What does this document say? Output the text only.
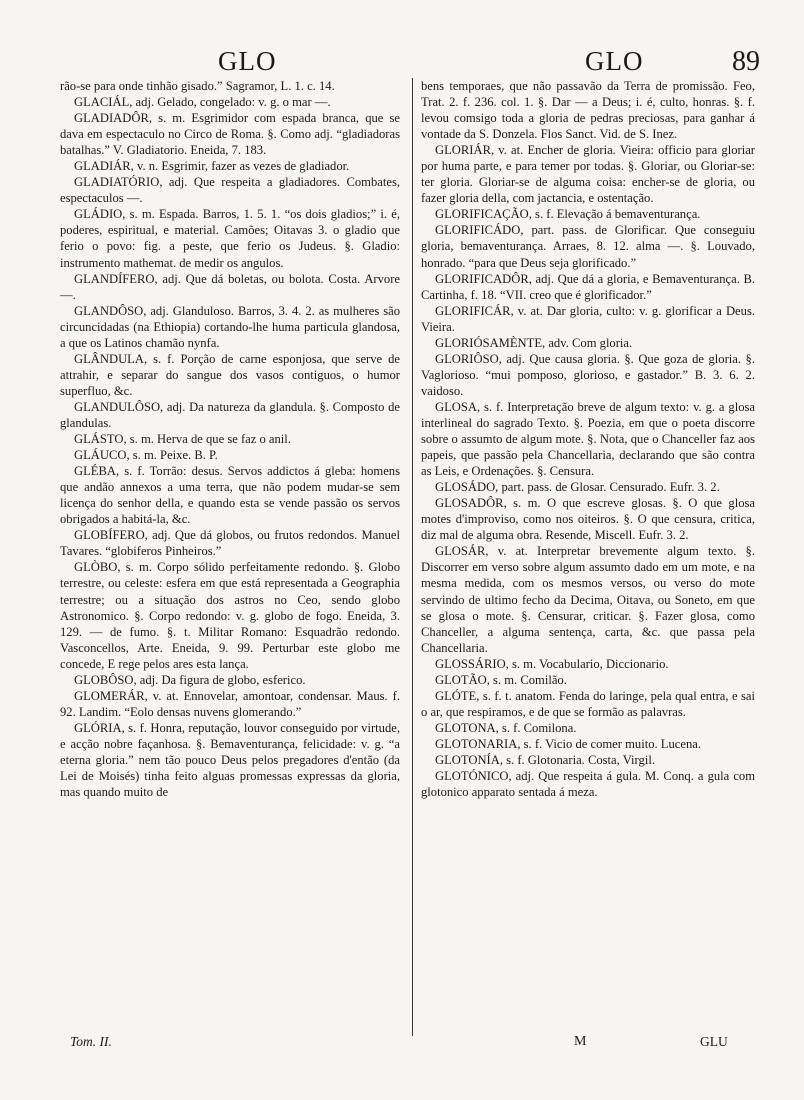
GLO	GLO	89

rão-se para onde tinhão gisado.” Sagramor, L. 1. c. 14.

GLACIÁL, adj. Gelado, congelado: v. g. o mar —.

GLADIADÔR, s. m. Esgrimidor com espada branca, que se dava em espectaculo no Circo de Roma. §. Como adj. “gladiadoras batalhas.” V. Gladiatorio. Eneida, 7. 183.

GLADIÁR, v. n. Esgrimir, fazer as vezes de gladiador.

GLADIATÓRIO, adj. Que respeita a gladiadores. Combates, espectaculos —.

GLÁDIO, s. m. Espada. Barros, 1. 5. 1. “os dois gladios;” i. é, poderes, espiritual, e material. Camões; Oitavas 3. o gladio que ferio o povo: fig. a peste, que ferio os Judeus. §. Gladio: instrumento mathemat. de medir os angulos.

GLANDÍFERO, adj. Que dá boletas, ou bolota. Costa. Arvore —.

GLANDÔSO, adj. Glanduloso. Barros, 3. 4. 2. as mulheres são circuncidadas (na Ethiopia) cortando-lhe huma particula glandosa, a que os Latinos chamão nynfa.

GLÂNDULA, s. f. Porção de carne esponjosa, que serve de attrahir, e separar do sangue dos vasos contiguos, o humor superfluo, &c.

GLANDULÔSO, adj. Da natureza da glandula. §. Composto de glandulas.

GLÁSTO, s. m. Herva de que se faz o anil.

GLÁUCO, s. m. Peixe. B. P.

GLÉBA, s. f. Torrão: desus. Servos addictos á gleba: homens que andão annexos a uma terra, que não podem mudar-se sem licença do senhor della, e quando esta se vende passão os servos obrigados a habitá-la, &c.

GLOBÍFERO, adj. Que dá globos, ou frutos redondos. Manuel Tavares. “globiferos Pinheiros.”

GLÒBO, s. m. Corpo sólido perfeitamente redondo. §. Globo terrestre, ou celeste: esfera em que está representada a Geographia terrestre; ou a situação dos astros no Ceo, sendo globo Astronomico. §. Corpo redondo: v. g. globo de fogo. Eneida, 3. 129. — de fumo. §. t. Militar Romano: Esquadrão redondo. Vasconcellos, Arte. Eneida, 9. 99. Perturbar este globo me concede, E rege pelos ares esta lança.

GLOBÔSO, adj. Da figura de globo, esferico.

GLOMERÁR, v. at. Ennovelar, amontoar, condensar. Maus. f. 92. Landim. “Eolo densas nuvens glomerando.”

GLÓRIA, s. f. Honra, reputação, louvor conseguido por virtude, e acção nobre façanhosa. §. Bemaventurança, felicidade: v. g. “a eterna gloria.” nem tão pouco Deus pelos pregadores d'então (da Lei de Moisés) tinha feito alguas promessas expressas da gloria, mas quando muito de

bens temporaes, que não passavão da Terra de promissão. Feo, Trat. 2. f. 236. col. 1. §. Dar — a Deus; i. é, culto, honras. §. f. levou comsigo toda a gloria de pedras preciosas, para ganhar á vontade da S. Donzela. Flos Sanct. Vid. de S. Inez.

GLORIÁR, v. at. Encher de gloria. Vieira: officio para gloriar por huma parte, e para temer por todas. §. Gloriar, ou Gloriar-se: ter gloria. Gloriar-se de alguma coisa: encher-se de gloria, ou fazer gloria della, com jactancia, e ostentação.

GLORIFICAÇÃO, s. f. Elevação á bemaventurança.

GLORIFICÁDO, part. pass. de Glorificar. Que conseguiu gloria, bemaventurança. Arraes, 8. 12. alma —. §. Louvado, honrado. “para que Deus seja glorificado.”

GLORIFICADÔR, adj. Que dá a gloria, e Bemaventurança. B. Cartinha, f. 18. “VII. creo que é glorificador.”

GLORIFICÁR, v. at. Dar gloria, culto: v. g. glorificar a Deus. Vieira.

GLORIÓSAMÈNTE, adv. Com gloria.

GLORIÔSO, adj. Que causa gloria. §. Que goza de gloria. §. Vaglorioso. “mui pomposo, glorioso, e gastador.” B. 3. 6. 2. vaidoso.

GLOSA, s. f. Interpretação breve de algum texto: v. g. a glosa interlineal do sagrado Texto. §. Poezia, em que o poeta discorre sobre o assumto de algum mote. §. Nota, que o Chanceller faz aos papeis, que passão pela Chancellaria, declarando que são contra as Leis, e Ordenações. §. Censura.

GLOSÁDO, part. pass. de Glosar. Censurado. Eufr. 3. 2.

GLOSADÔR, s. m. O que escreve glosas. §. O que glosa motes d'improviso, como nos oiteiros. §. O que censura, critica, diz mal de alguma obra. Resende, Miscell. Eufr. 3. 2.

GLOSÁR, v. at. Interpretar brevemente algum texto. §. Discorrer em verso sobre algum assumto dado em um mote, e na mesma medida, com os mesmos versos, ou verso do mote servindo de ultimo fecho da Decima, Oitava, ou Soneto, em que se glosa o mote. §. Censurar, criticar. §. Fazer glosa, como Chanceller, a alguma sentença, carta, &c. que passa pela Chancellaria.

GLOSSÁRIO, s. m. Vocabulario, Diccionario.

GLOTÃO, s. m. Comilão.

GLÓTE, s. f. t. anatom. Fenda do laringe, pela qual entra, e sai o ar, que respiramos, e de que se formão as palavras.

GLOTONA, s. f. Comilona.

GLOTONARIA, s. f. Vicio de comer muito. Lucena.

GLOTONÍA, s. f. Glotonaria. Costa, Virgil.

GLOTÓNICO, adj. Que respeita á gula. M. Conq. a gula com glotonico apparato sentada á meza.

Tom. II.	M	GLU
